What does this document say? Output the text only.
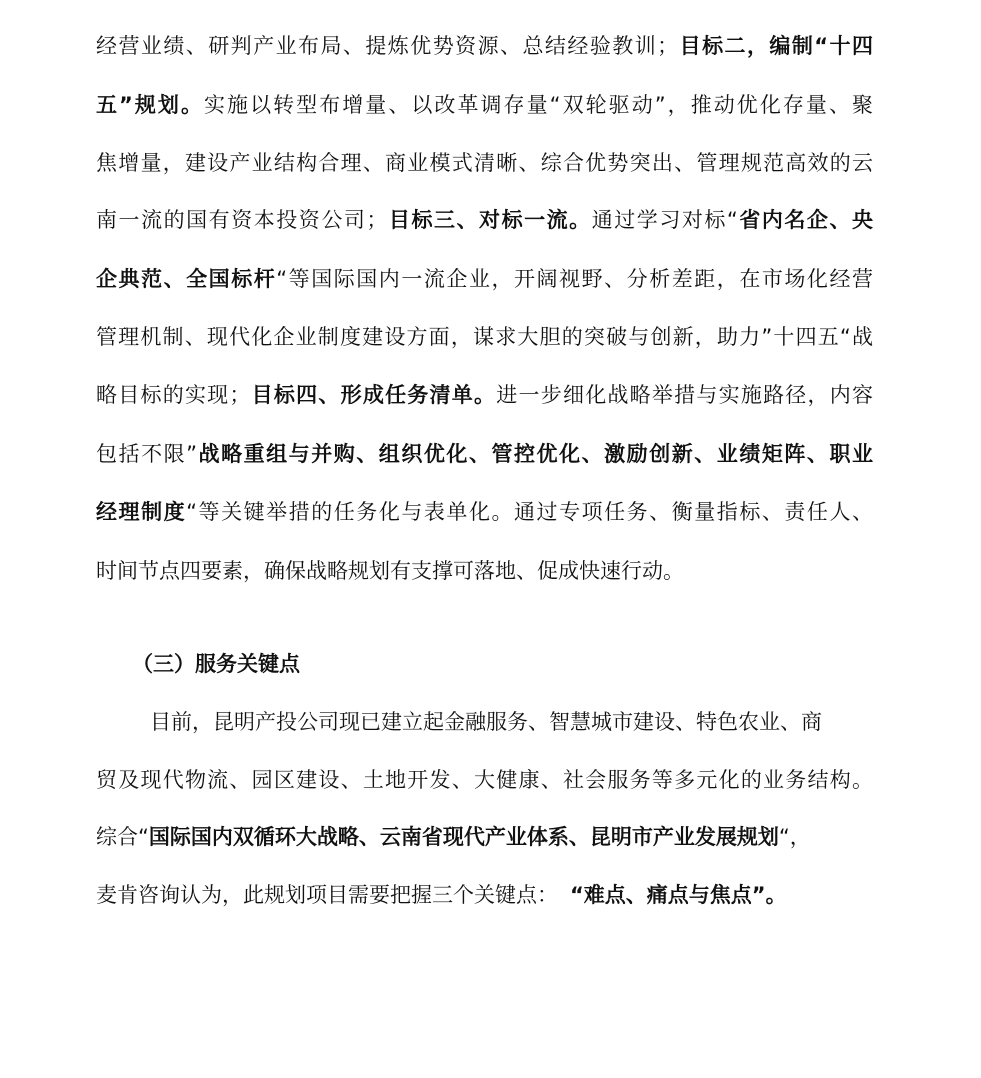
经营业绩、研判产业布局、提炼优势资源、总结经验教训；目标二，编制“十四
五”规划。实施以转型布增量、以改革调存量“双轮驱动”，推动优化存量、聚
焦增量，建设产业结构合理、商业模式清晰、综合优势突出、管理规范高效的云
南一流的国有资本投资公司；目标三、对标一流。通过学习对标“省内名企、央
企典范、全国标杆“等国际国内一流企业，开阔视野、分析差距，在市场化经营
管理机制、现代化企业制度建设方面，谋求大胆的突破与创新，助力”十四五“战
略目标的实现；目标四、形成任务清单。进一步细化战略举措与实施路径，内容
包括不限”战略重组与并购、组织优化、管控优化、激励创新、业绩矩阵、职业
经理制度“等关键举措的任务化与表单化。通过专项任务、衡量指标、责任人、
时间节点四要素，确保战略规划有支撑可落地、促成快速行动。
（三）服务关键点
目前，昆明产投公司现已建立起金融服务、智慧城市建设、特色农业、商
贸及现代物流、园区建设、土地开发、大健康、社会服务等多元化的业务结构。
综合“国际国内双循环大战略、云南省现代产业体系、昆明市产业发展规划“，
麦肯咨询认为，此规划项目需要把握三个关键点： “难点、痛点与焦点”。
